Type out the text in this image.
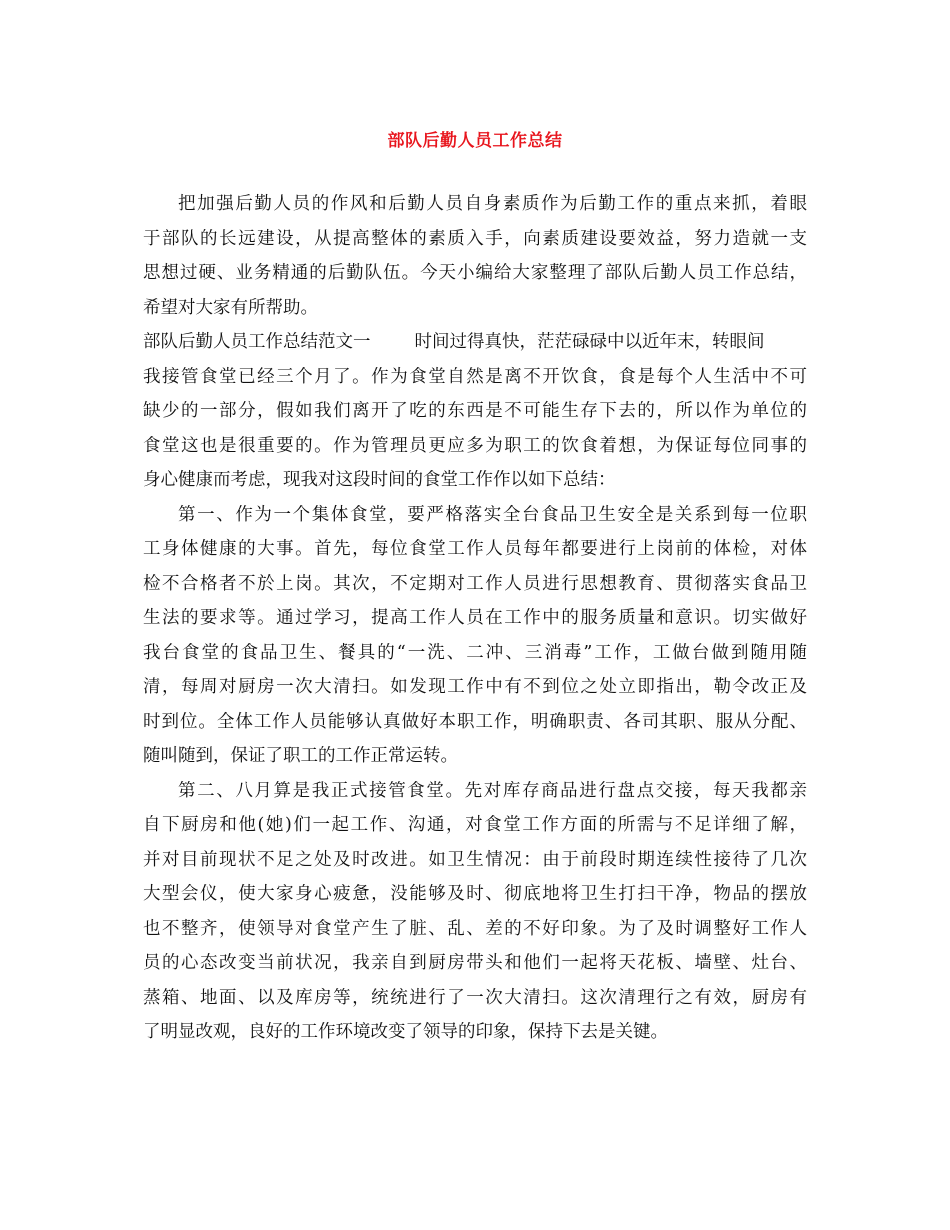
部队后勤人员工作总结
把加强后勤人员的作风和后勤人员自身素质作为后勤工作的重点来抓，着眼
于部队的长远建设，从提高整体的素质入手，向素质建设要效益，努力造就一支
思想过硬、业务精通的后勤队伍。今天小编给大家整理了部队后勤人员工作总结，
希望对大家有所帮助。
部队后勤人员工作总结范文一	时间过得真快，茫茫碌碌中以近年末，转眼间
我接管食堂已经三个月了。作为食堂自然是离不开饮食，食是每个人生活中不可
缺少的一部分，假如我们离开了吃的东西是不可能生存下去的，所以作为单位的
食堂这也是很重要的。作为管理员更应多为职工的饮食着想，为保证每位同事的
身心健康而考虑，现我对这段时间的食堂工作作以如下总结：
第一、作为一个集体食堂，要严格落实全台食品卫生安全是关系到每一位职
工身体健康的大事。首先，每位食堂工作人员每年都要进行上岗前的体检，对体
检不合格者不於上岗。其次，不定期对工作人员进行思想教育、贯彻落实食品卫
生法的要求等。通过学习，提高工作人员在工作中的服务质量和意识。切实做好
我台食堂的食品卫生、餐具的“一洗、二冲、三消毒”工作，工做台做到随用随
清，每周对厨房一次大清扫。如发现工作中有不到位之处立即指出，勒令改正及
时到位。全体工作人员能够认真做好本职工作，明确职责、各司其职、服从分配、
随叫随到，保证了职工的工作正常运转。
第二、八月算是我正式接管食堂。先对库存商品进行盘点交接，每天我都亲
自下厨房和他(她)们一起工作、沟通，对食堂工作方面的所需与不足详细了解，
并对目前现状不足之处及时改进。如卫生情况：由于前段时期连续性接待了几次
大型会仪，使大家身心疲惫，没能够及时、彻底地将卫生打扫干净，物品的摆放
也不整齐，使领导对食堂产生了脏、乱、差的不好印象。为了及时调整好工作人
员的心态改变当前状况，我亲自到厨房带头和他们一起将天花板、墙壁、灶台、
蒸箱、地面、以及库房等，统统进行了一次大清扫。这次清理行之有效，厨房有
了明显改观，良好的工作环境改变了领导的印象，保持下去是关键。
